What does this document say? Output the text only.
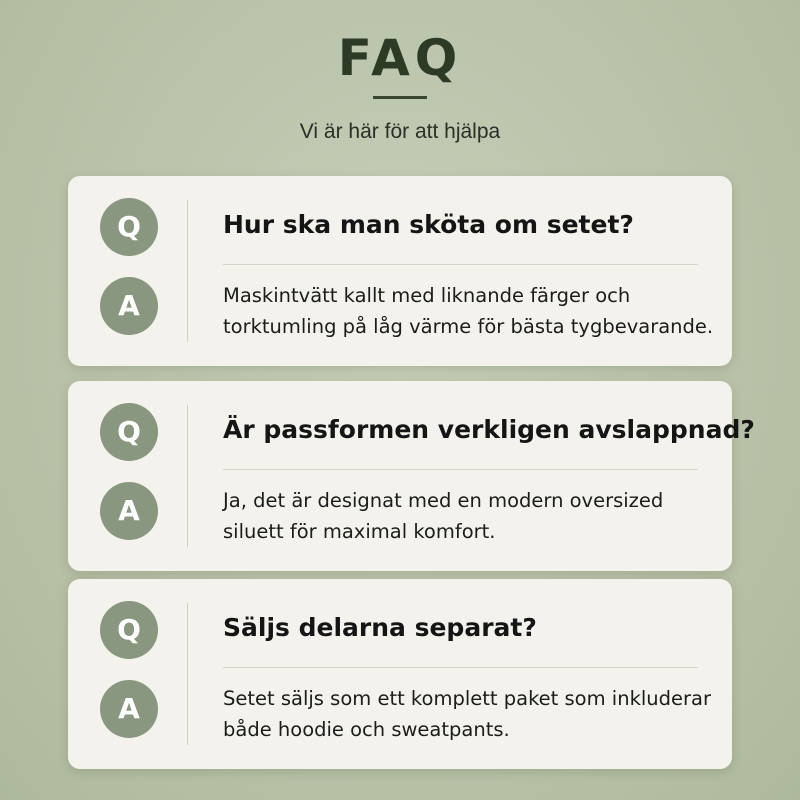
FAQ
Vi är här för att hjälpa
Q
A
Hur ska man sköta om setet?
Maskintvätt kallt med liknande färger och torktumling på låg värme för bästa tygbevarande.
Q
A
Är passformen verkligen avslappnad?
Ja, det är designat med en modern oversized siluett för maximal komfort.
Q
A
Säljs delarna separat?
Setet säljs som ett komplett paket som inkluderar både hoodie och sweatpants.
